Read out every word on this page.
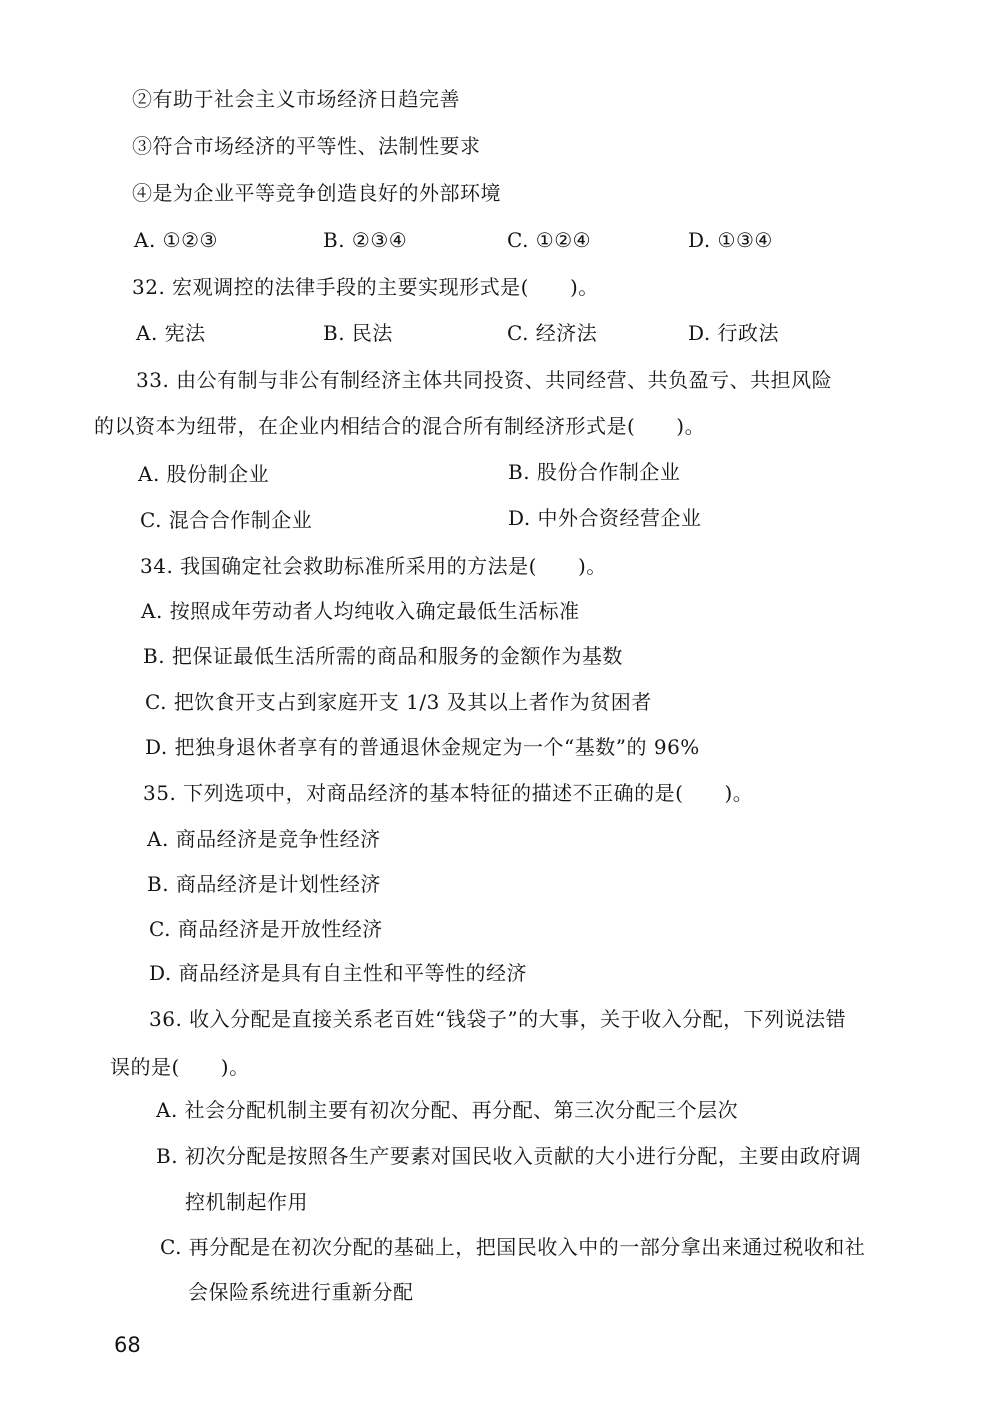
②有助于社会主义市场经济日趋完善
③符合市场经济的平等性、法制性要求
④是为企业平等竞争创造良好的外部环境
A. ①②③	B. ②③④	C. ①②④	D. ①③④
32. 宏观调控的法律手段的主要实现形式是(　　)。
A. 宪法	B. 民法	C. 经济法	D. 行政法
33. 由公有制与非公有制经济主体共同投资、共同经营、共负盈亏、共担风险
的以资本为纽带，在企业内相结合的混合所有制经济形式是(　　)。
A. 股份制企业	B. 股份合作制企业
C. 混合合作制企业	D. 中外合资经营企业
34. 我国确定社会救助标准所采用的方法是(　　)。
A. 按照成年劳动者人均纯收入确定最低生活标准
B. 把保证最低生活所需的商品和服务的金额作为基数
C. 把饮食开支占到家庭开支 1/3 及其以上者作为贫困者
D. 把独身退休者享有的普通退休金规定为一个“基数”的 96%
35. 下列选项中，对商品经济的基本特征的描述不正确的是(　　)。
A. 商品经济是竞争性经济
B. 商品经济是计划性经济
C. 商品经济是开放性经济
D. 商品经济是具有自主性和平等性的经济
36. 收入分配是直接关系老百姓“钱袋子”的大事，关于收入分配，下列说法错
误的是(　　)。
A. 社会分配机制主要有初次分配、再分配、第三次分配三个层次
B. 初次分配是按照各生产要素对国民收入贡献的大小进行分配，主要由政府调
控机制起作用
C. 再分配是在初次分配的基础上，把国民收入中的一部分拿出来通过税收和社
会保险系统进行重新分配
68
